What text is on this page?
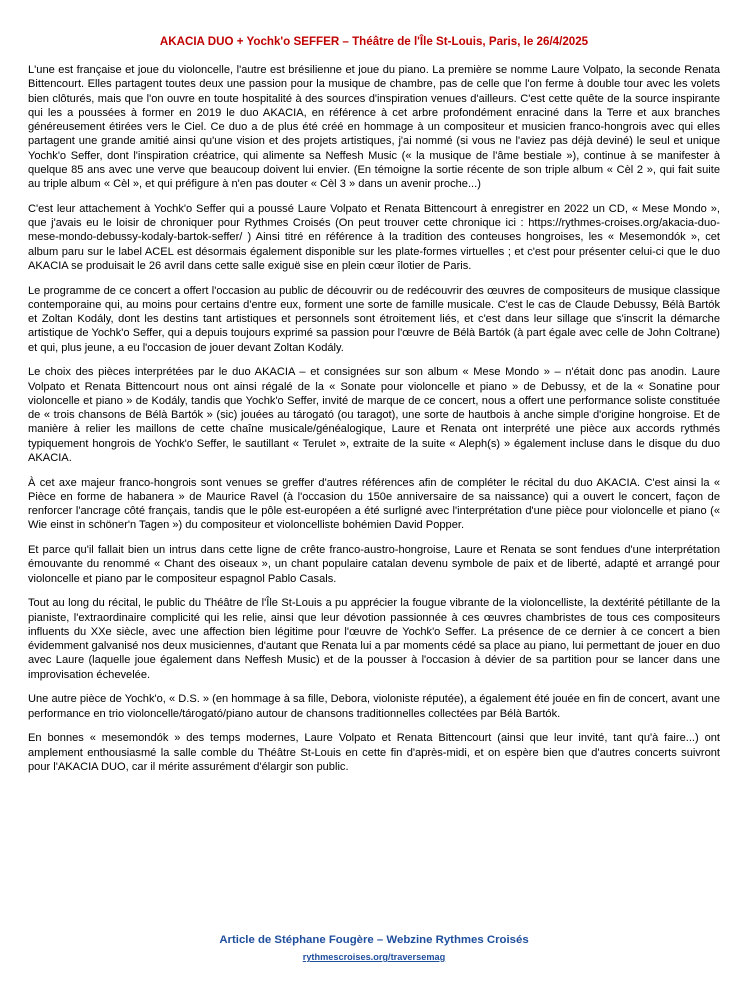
AKACIA DUO + Yochk'o SEFFER – Théâtre de l'Île St-Louis, Paris, le 26/4/2025

L'une est française et joue du violoncelle, l'autre est brésilienne et joue du piano. La première se nomme Laure Volpato, la seconde Renata Bittencourt. Elles partagent toutes deux une passion pour la musique de chambre, pas de celle que l'on ferme à double tour avec les volets bien clôturés, mais que l'on ouvre en toute hospitalité à des sources d'inspiration venues d'ailleurs. C'est cette quête de la source inspirante qui les a poussées à former en 2019 le duo AKACIA, en référence à cet arbre profondément enraciné dans la Terre et aux branches généreusement étirées vers le Ciel. Ce duo a de plus été créé en hommage à un compositeur et musicien franco-hongrois avec qui elles partagent une grande amitié ainsi qu'une vision et des projets artistiques, j'ai nommé (si vous ne l'aviez pas déjà deviné) le seul et unique Yochk'o Seffer, dont l'inspiration créatrice, qui alimente sa Neffesh Music (« la musique de l'âme bestiale »), continue à se manifester à quelque 85 ans avec une verve que beaucoup doivent lui envier. (En témoigne la sortie récente de son triple album « Cèl 2 », qui fait suite au triple album « Cèl », et qui préfigure à n'en pas douter « Cèl 3 » dans un avenir proche...)

C'est leur attachement à Yochk'o Seffer qui a poussé Laure Volpato et Renata Bittencourt à enregistrer en 2022 un CD, « Mese Mondo », que j'avais eu le loisir de chroniquer pour Rythmes Croisés (On peut trouver cette chronique ici : https://rythmes-croises.org/akacia-duo-mese-mondo-debussy-kodaly-bartok-seffer/ ) Ainsi titré en référence à la tradition des conteuses hongroises, les « Mesemondók », cet album paru sur le label ACEL est désormais également disponible sur les plate-formes virtuelles ; et c'est pour présenter celui-ci que le duo AKACIA se produisait le 26 avril dans cette salle exiguë sise en plein cœur îlotier de Paris.

Le programme de ce concert a offert l'occasion au public de découvrir ou de redécouvrir des œuvres de compositeurs de musique classique contemporaine qui, au moins pour certains d'entre eux, forment une sorte de famille musicale. C'est le cas de Claude Debussy, Bélà Bartók et Zoltan Kodály, dont les destins tant artistiques et personnels sont étroitement liés, et c'est dans leur sillage que s'inscrit la démarche artistique de Yochk'o Seffer, qui a depuis toujours exprimé sa passion pour l'œuvre de Bélà Bartók (à part égale avec celle de John Coltrane) et qui, plus jeune, a eu l'occasion de jouer devant Zoltan Kodály.

Le choix des pièces interprétées par le duo AKACIA – et consignées sur son album « Mese Mondo » – n'était donc pas anodin. Laure Volpato et Renata Bittencourt nous ont ainsi régalé de la « Sonate pour violoncelle et piano » de Debussy, et de la « Sonatine pour violoncelle et piano » de Kodály, tandis que Yochk'o Seffer, invité de marque de ce concert, nous a offert une performance soliste constituée de « trois chansons de Bélà Bartók » (sic) jouées au tárogató (ou taragot), une sorte de hautbois à anche simple d'origine hongroise. Et de manière à relier les maillons de cette chaîne musicale/généalogique, Laure et Renata ont interprété une pièce aux accords rythmés typiquement hongrois de Yochk'o Seffer, le sautillant « Terulet », extraite de la suite « Aleph(s) » également incluse dans le disque du duo AKACIA.

À cet axe majeur franco-hongrois sont venues se greffer d'autres références afin de compléter le récital du duo AKACIA. C'est ainsi la « Pièce en forme de habanera » de Maurice Ravel (à l'occasion du 150e anniversaire de sa naissance) qui a ouvert le concert, façon de renforcer l'ancrage côté français, tandis que le pôle est-européen a été surligné avec l'interprétation d'une pièce pour violoncelle et piano (« Wie einst in schöner'n Tagen ») du compositeur et violoncelliste bohémien David Popper.

Et parce qu'il fallait bien un intrus dans cette ligne de crête franco-austro-hongroise, Laure et Renata se sont fendues d'une interprétation émouvante du renommé « Chant des oiseaux », un chant populaire catalan devenu symbole de paix et de liberté, adapté et arrangé pour violoncelle et piano par le compositeur espagnol Pablo Casals.

Tout au long du récital, le public du Théâtre de l'Île St-Louis a pu apprécier la fougue vibrante de la violoncelliste, la dextérité pétillante de la pianiste, l'extraordinaire complicité qui les relie, ainsi que leur dévotion passionnée à ces œuvres chambristes de tous ces compositeurs influents du XXe siècle, avec une affection bien légitime pour l'œuvre de Yochk'o Seffer. La présence de ce dernier à ce concert a bien évidemment galvanisé nos deux musiciennes, d'autant que Renata lui a par moments cédé sa place au piano, lui permettant de jouer en duo avec Laure (laquelle joue également dans Neffesh Music) et de la pousser à l'occasion à dévier de sa partition pour se lancer dans une improvisation échevelée.

Une autre pièce de Yochk'o, « D.S. » (en hommage à sa fille, Debora, violoniste réputée), a également été jouée en fin de concert, avant une performance en trio violoncelle/tárogató/piano autour de chansons traditionnelles collectées par Bélà Bartók.

En bonnes « mesemondók » des temps modernes, Laure Volpato et Renata Bittencourt (ainsi que leur invité, tant qu'à faire...) ont amplement enthousiasmé la salle comble du Théâtre St-Louis en cette fin d'après-midi, et on espère bien que d'autres concerts suivront pour l'AKACIA DUO, car il mérite assurément d'élargir son public.

Article de Stéphane Fougère – Webzine Rythmes Croisés
rythmescroises.org/traversemag
